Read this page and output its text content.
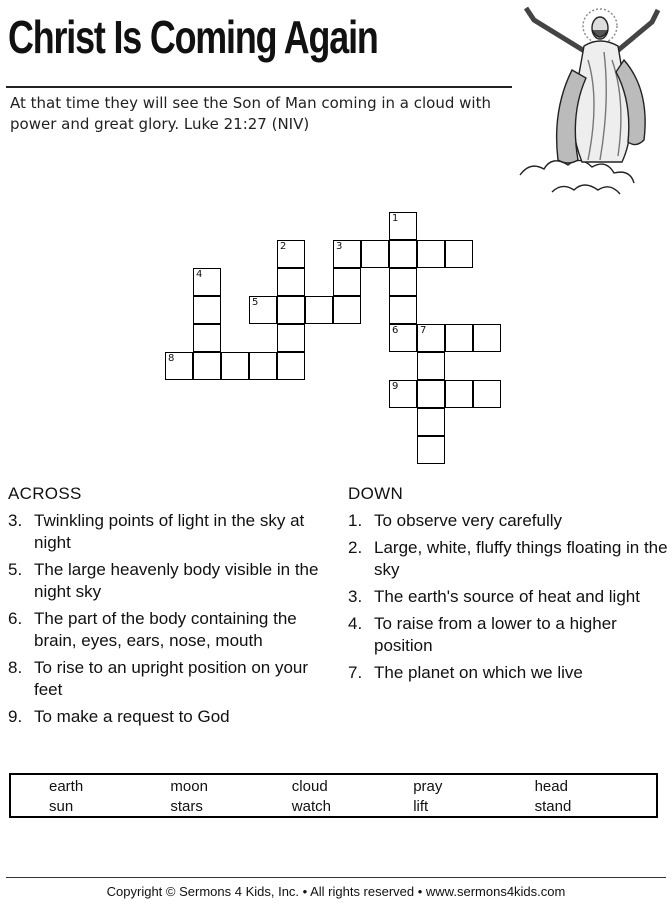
Christ Is Coming Again
At that time they will see the Son of Man coming in a cloud with power and great glory. Luke 21:27 (NIV)
1
3
2
5
4
8
6 7
9
ACROSS
3. Twinkling points of light in the sky at night
5. The large heavenly body visible in the night sky
6. The part of the body containing the brain, eyes, ears, nose, mouth
8. To rise to an upright position on your feet
9. To make a request to God
DOWN
1. To observe very carefully
2. Large, white, fluffy things floating in the sky
3. The earth's source of heat and light
4. To raise from a lower to a higher position
7. The planet on which we live
earth	moon	cloud	pray	head
sun	stars	watch	lift	stand
Copyright © Sermons 4 Kids, Inc. • All rights reserved • www.sermons4kids.com
